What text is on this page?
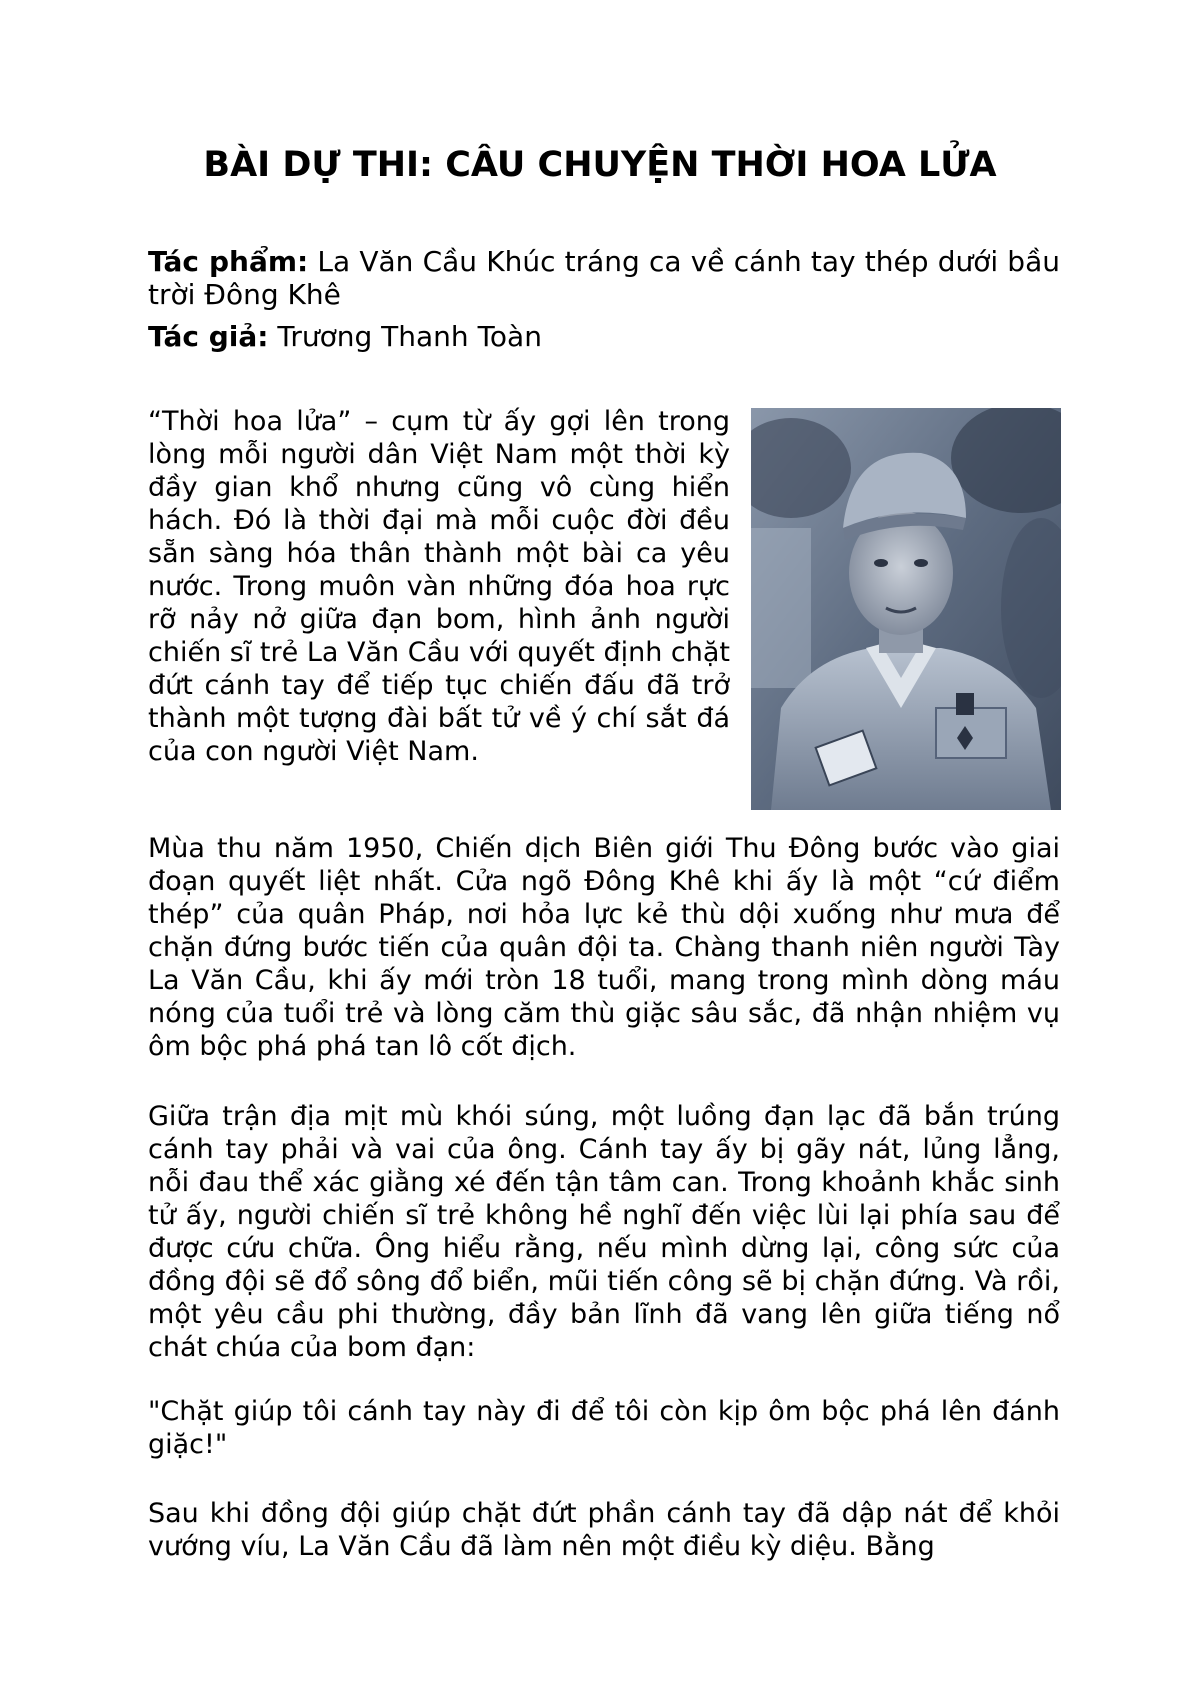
BÀI DỰ THI: CÂU CHUYỆN THỜI HOA LỬA
Tác phẩm: La Văn Cầu Khúc tráng ca về cánh tay thép dưới bầu trời Đông Khê
Tác giả: Trương Thanh Toàn

“Thời hoa lửa” – cụm từ ấy gợi lên trong lòng mỗi người dân Việt Nam một thời kỳ đầy gian khổ nhưng cũng vô cùng hiển hách. Đó là thời đại mà mỗi cuộc đời đều sẵn sàng hóa thân thành một bài ca yêu nước. Trong muôn vàn những đóa hoa rực rỡ nảy nở giữa đạn bom, hình ảnh người chiến sĩ trẻ La Văn Cầu với quyết định chặt đứt cánh tay để tiếp tục chiến đấu đã trở thành một tượng đài bất tử về ý chí sắt đá của con người Việt Nam.

Mùa thu năm 1950, Chiến dịch Biên giới Thu Đông bước vào giai đoạn quyết liệt nhất. Cửa ngõ Đông Khê khi ấy là một “cứ điểm thép” của quân Pháp, nơi hỏa lực kẻ thù dội xuống như mưa để chặn đứng bước tiến của quân đội ta. Chàng thanh niên người Tày La Văn Cầu, khi ấy mới tròn 18 tuổi, mang trong mình dòng máu nóng của tuổi trẻ và lòng căm thù giặc sâu sắc, đã nhận nhiệm vụ ôm bộc phá phá tan lô cốt địch.

Giữa trận địa mịt mù khói súng, một luồng đạn lạc đã bắn trúng cánh tay phải và vai của ông. Cánh tay ấy bị gãy nát, lủng lẳng, nỗi đau thể xác giằng xé đến tận tâm can. Trong khoảnh khắc sinh tử ấy, người chiến sĩ trẻ không hề nghĩ đến việc lùi lại phía sau để được cứu chữa. Ông hiểu rằng, nếu mình dừng lại, công sức của đồng đội sẽ đổ sông đổ biển, mũi tiến công sẽ bị chặn đứng. Và rồi, một yêu cầu phi thường, đầy bản lĩnh đã vang lên giữa tiếng nổ chát chúa của bom đạn:

"Chặt giúp tôi cánh tay này đi để tôi còn kịp ôm bộc phá lên đánh giặc!"

Sau khi đồng đội giúp chặt đứt phần cánh tay đã dập nát để khỏi vướng víu, La Văn Cầu đã làm nên một điều kỳ diệu. Bằng
